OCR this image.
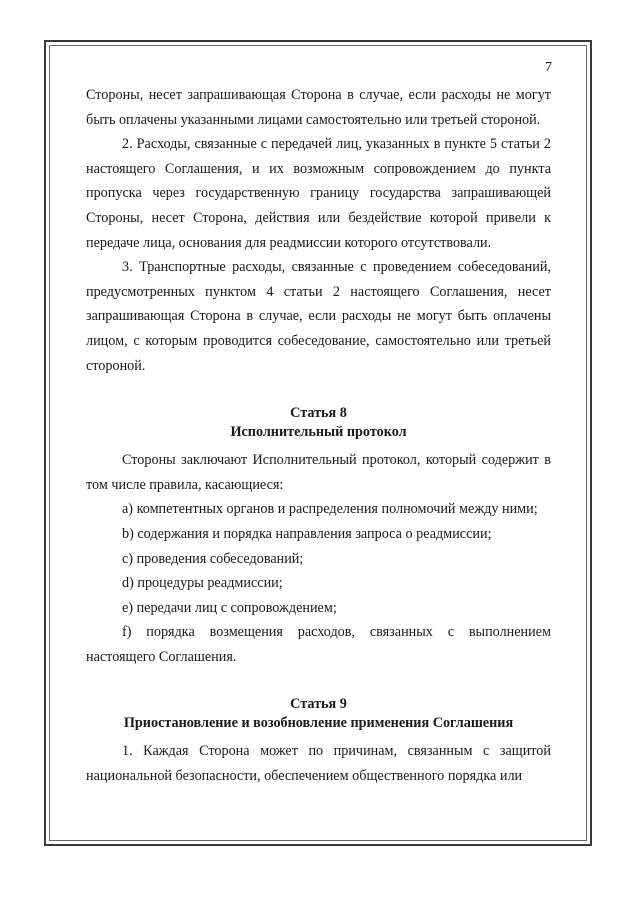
7

Стороны, несет запрашивающая Сторона в случае, если расходы не могут быть оплачены указанными лицами самостоятельно или третьей стороной.

2. Расходы, связанные с передачей лиц, указанных в пункте 5 статьи 2 настоящего Соглашения, и их возможным сопровождением до пункта пропуска через государственную границу государства запрашивающей Стороны, несет Сторона, действия или бездействие которой привели к передаче лица, основания для реадмиссии которого отсутствовали.

3. Транспортные расходы, связанные с проведением собеседований, предусмотренных пунктом 4 статьи 2 настоящего Соглашения, несет запрашивающая Сторона в случае, если расходы не могут быть оплачены лицом, с которым проводится собеседование, самостоятельно или третьей стороной.

Статья 8

Исполнительный протокол

Стороны заключают Исполнительный протокол, который содержит в том числе правила, касающиеся:

a) компетентных органов и распределения полномочий между ними;

b) содержания и порядка направления запроса о реадмиссии;

c) проведения собеседований;

d) процедуры реадмиссии;

e) передачи лиц с сопровождением;

f) порядка возмещения расходов, связанных с выполнением настоящего Соглашения.

Статья 9

Приостановление и возобновление применения Соглашения

1. Каждая Сторона может по причинам, связанным с защитой национальной безопасности, обеспечением общественного порядка или
